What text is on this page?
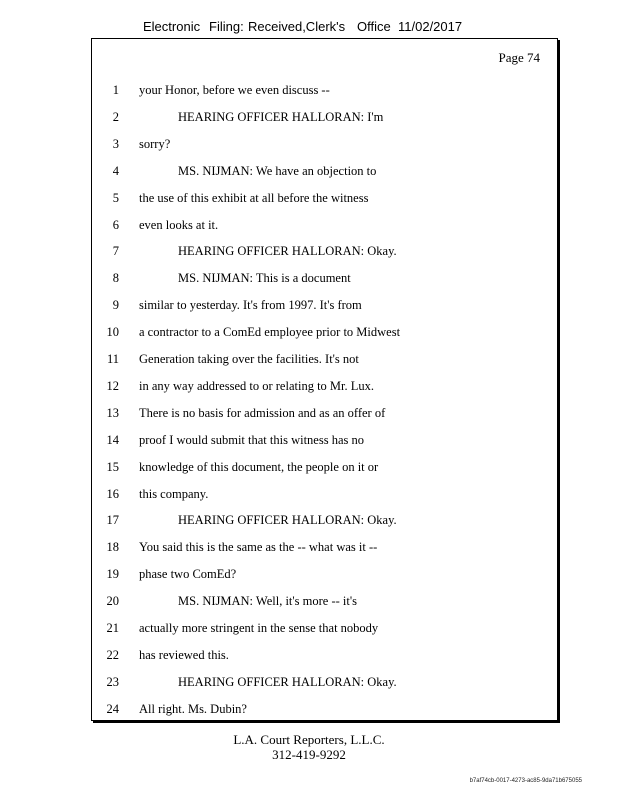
Electronic Filing: Received,Clerk's Office 11/02/2017
Page 74
1 your Honor, before we even discuss --
2	HEARING OFFICER HALLORAN: I'm
3 sorry?
4	MS. NIJMAN: We have an objection to
5 the use of this exhibit at all before the witness
6 even looks at it.
7	HEARING OFFICER HALLORAN: Okay.
8	MS. NIJMAN: This is a document
9 similar to yesterday. It's from 1997. It's from
10 a contractor to a ComEd employee prior to Midwest
11 Generation taking over the facilities. It's not
12 in any way addressed to or relating to Mr. Lux.
13 There is no basis for admission and as an offer of
14 proof I would submit that this witness has no
15 knowledge of this document, the people on it or
16 this company.
17	HEARING OFFICER HALLORAN: Okay.
18 You said this is the same as the -- what was it --
19 phase two ComEd?
20	MS. NIJMAN: Well, it's more -- it's
21 actually more stringent in the sense that nobody
22 has reviewed this.
23	HEARING OFFICER HALLORAN: Okay.
24 All right. Ms. Dubin?
L.A. Court Reporters, L.L.C.
312-419-9292
b7af74cb-0017-4273-ac85-9da71b675055
